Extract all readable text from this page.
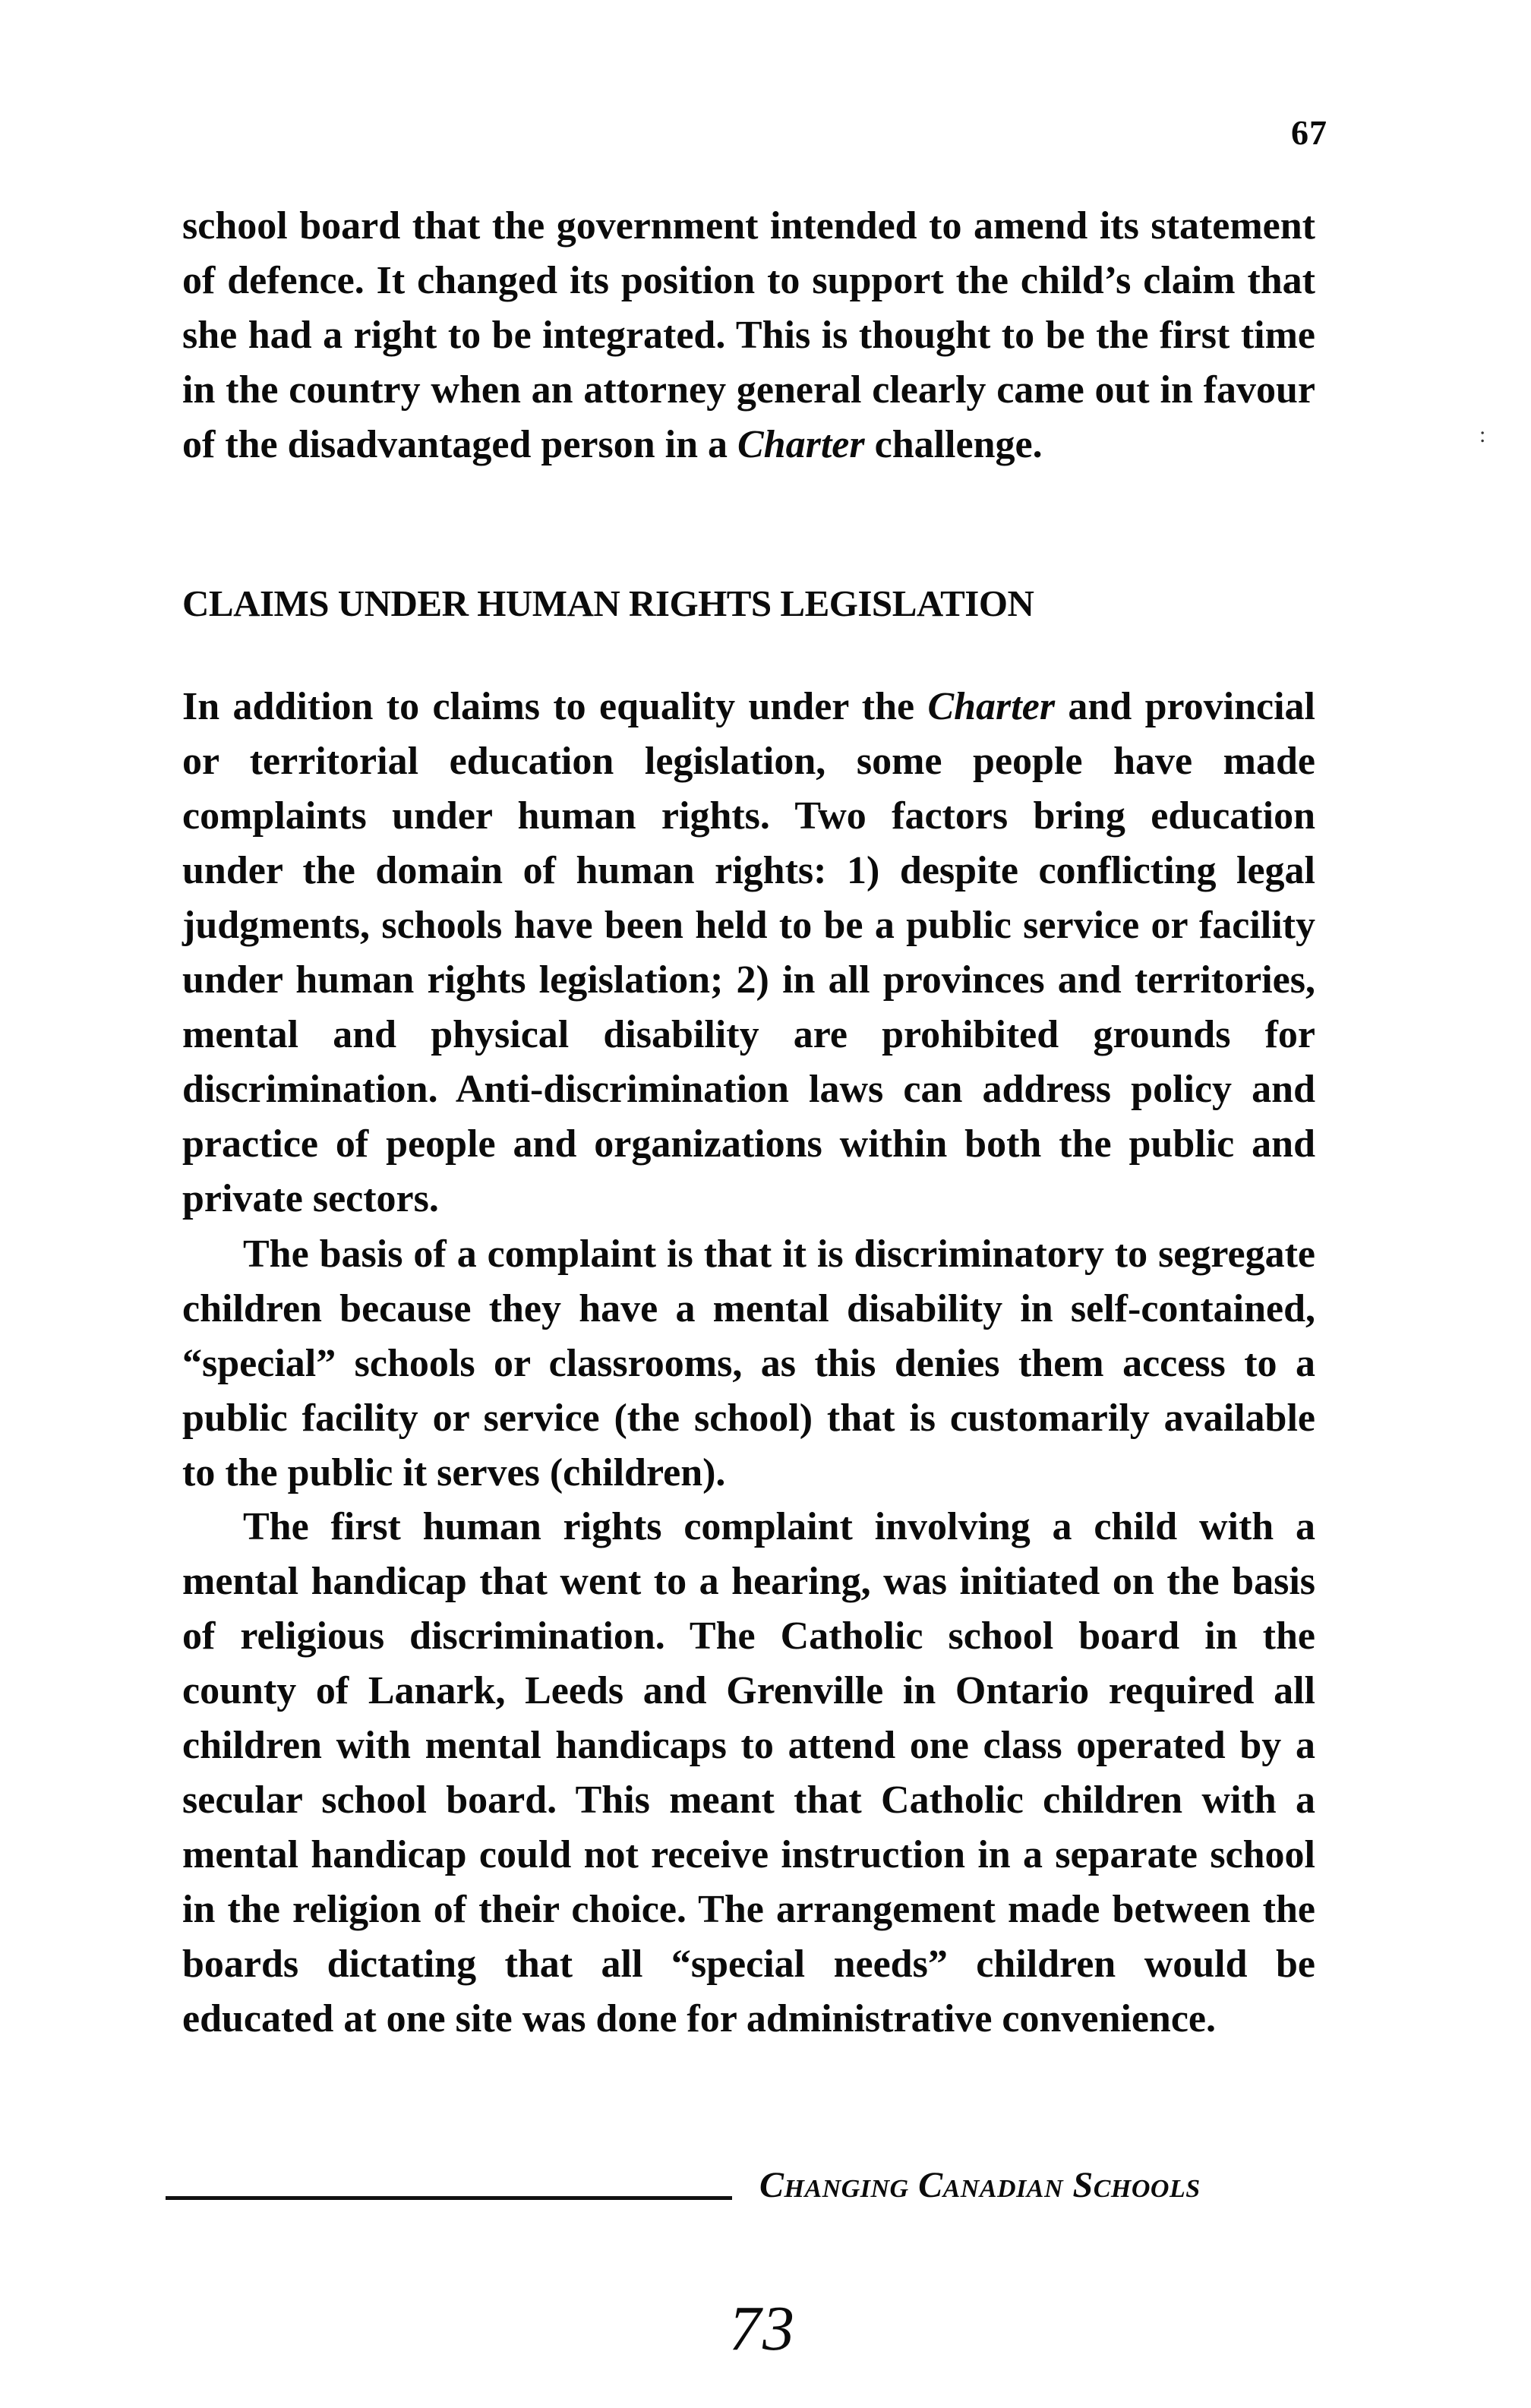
67
:

school board that the government intended to amend its statement of defence. It changed its position to support the child’s claim that she had a right to be integrated. This is thought to be the first time in the country when an attorney general clearly came out in favour of the disadvantaged person in a Charter challenge.

CLAIMS UNDER HUMAN RIGHTS LEGISLATION

In addition to claims to equality under the Charter and provincial or territorial education legislation, some people have made complaints under human rights. Two factors bring education under the domain of human rights: 1) despite conflicting legal judgments, schools have been held to be a public service or facility under human rights legislation; 2) in all provinces and territories, mental and physical disability are prohibited grounds for discrimination. Anti-discrimination laws can address policy and practice of people and organizations within both the public and private sectors.

The basis of a complaint is that it is discriminatory to segregate children because they have a mental disability in self-contained, “special” schools or classrooms, as this denies them access to a public facility or service (the school) that is customarily available to the public it serves (children).

The first human rights complaint involving a child with a mental handicap that went to a hearing, was initiated on the basis of religious discrimination. The Catholic school board in the county of Lanark, Leeds and Grenville in Ontario required all children with mental handicaps to attend one class operated by a secular school board. This meant that Catholic children with a mental handicap could not receive instruction in a separate school in the religion of their choice. The arrangement made between the boards dictating that all “special needs” children would be educated at one site was done for administrative convenience.

Changing Canadian Schools
73
